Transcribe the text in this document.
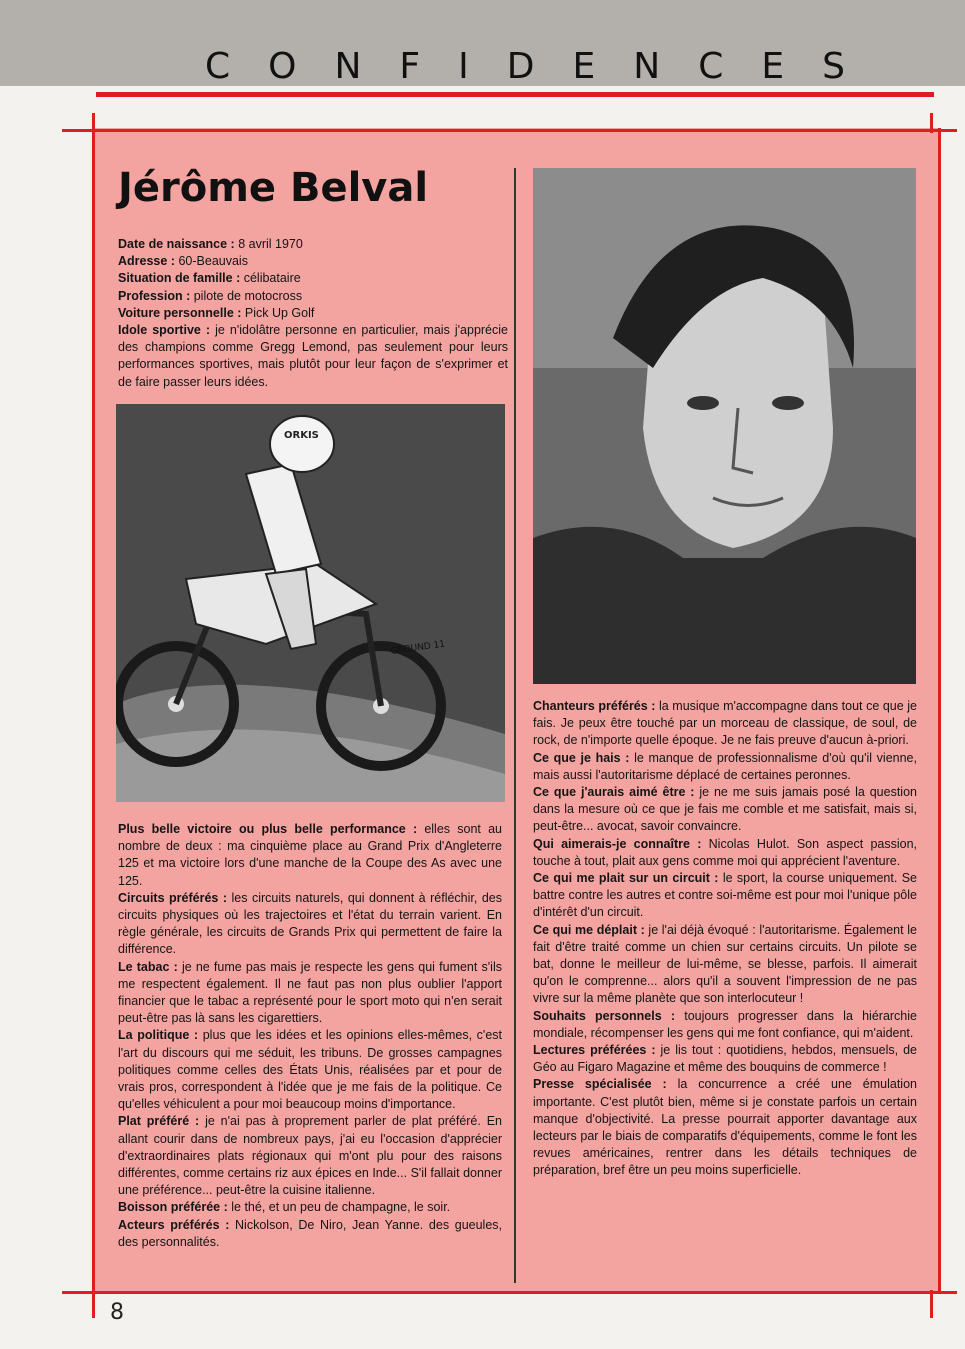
C O N F I D E N C E S
Jérôme Belval

Date de naissance : 8 avril 1970

Adresse : 60-Beauvais

Situation de famille : célibataire

Profession : pilote de motocross

Voiture personnelle : Pick Up Golf

Idole sportive : je n'idolâtre personne en particulier, mais j'apprécie des champions comme Gregg Lemond, pas seulement pour leurs performances sportives, mais plutôt pour leur façon de s'exprimer et de faire passer leurs idées.

ORKIS
GROUND 11

Plus belle victoire ou plus belle performance : elles sont au nombre de deux : ma cinquième place au Grand Prix d'Angleterre 125 et ma victoire lors d'une manche de la Coupe des As avec une 125.

Circuits préférés : les circuits naturels, qui donnent à réfléchir, des circuits physiques où les trajectoires et l'état du terrain varient. En règle générale, les circuits de Grands Prix qui permettent de faire la différence.

Le tabac : je ne fume pas mais je respecte les gens qui fument s'ils me respectent également. Il ne faut pas non plus oublier l'apport financier que le tabac a représenté pour le sport moto qui n'en serait peut-être pas là sans les cigarettiers.

La politique : plus que les idées et les opinions elles-mêmes, c'est l'art du discours qui me séduit, les tribuns. De grosses campagnes politiques comme celles des États Unis, réalisées par et pour de vrais pros, correspondent à l'idée que je me fais de la politique. Ce qu'elles véhiculent a pour moi beaucoup moins d'importance.

Plat préféré : je n'ai pas à proprement parler de plat préféré. En allant courir dans de nombreux pays, j'ai eu l'occasion d'apprécier d'extraordinaires plats régionaux qui m'ont plu pour des raisons différentes, comme certains riz aux épices en Inde... S'il fallait donner une préférence... peut-être la cuisine italienne.

Boisson préférée : le thé, et un peu de champagne, le soir.

Acteurs préférés : Nickolson, De Niro, Jean Yanne. des gueules, des personnalités.

Chanteurs préférés : la musique m'accompagne dans tout ce que je fais. Je peux être touché par un morceau de classique, de soul, de rock, de n'importe quelle époque. Je ne fais preuve d'aucun à-priori.

Ce que je hais : le manque de professionnalisme d'où qu'il vienne, mais aussi l'autoritarisme déplacé de certaines peronnes.

Ce que j'aurais aimé être : je ne me suis jamais posé la question dans la mesure où ce que je fais me comble et me satisfait, mais si, peut-être... avocat, savoir convaincre.

Qui aimerais-je connaître : Nicolas Hulot. Son aspect passion, touche à tout, plait aux gens comme moi qui apprécient l'aventure.

Ce qui me plait sur un circuit : le sport, la course uniquement. Se battre contre les autres et contre soi-même est pour moi l'unique pôle d'intérêt d'un circuit.

Ce qui me déplait : je l'ai déjà évoqué : l'autoritarisme. Également le fait d'être traité comme un chien sur certains circuits. Un pilote se bat, donne le meilleur de lui-même, se blesse, parfois. Il aimerait qu'on le comprenne... alors qu'il a souvent l'impression de ne pas vivre sur la même planète que son interlocuteur !

Souhaits personnels : toujours progresser dans la hiérarchie mondiale, récompenser les gens qui me font confiance, qui m'aident.

Lectures préférées : je lis tout : quotidiens, hebdos, mensuels, de Géo au Figaro Magazine et même des bouquins de commerce !

Presse spécialisée : la concurrence a créé une émulation importante. C'est plutôt bien, même si je constate parfois un certain manque d'objectivité. La presse pourrait apporter davantage aux lecteurs par le biais de comparatifs d'équipements, comme le font les revues américaines, rentrer dans les détails techniques de préparation, bref être un peu moins superficielle.

8
